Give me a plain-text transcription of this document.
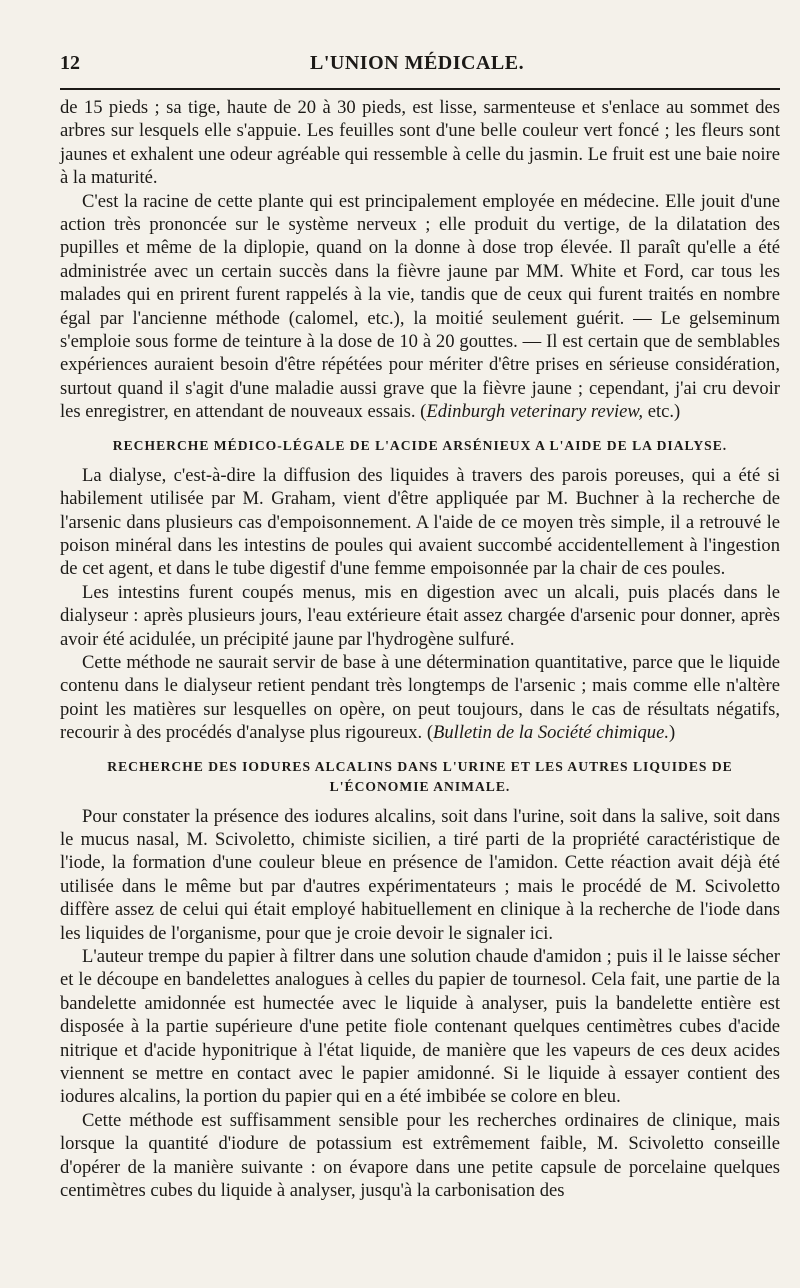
12	L'UNION MÉDICALE.

de 15 pieds ; sa tige, haute de 20 à 30 pieds, est lisse, sarmenteuse et s'enlace au sommet des arbres sur lesquels elle s'appuie. Les feuilles sont d'une belle couleur vert foncé ; les fleurs sont jaunes et exhalent une odeur agréable qui ressemble à celle du jasmin. Le fruit est une baie noire à la maturité.

C'est la racine de cette plante qui est principalement employée en médecine. Elle jouit d'une action très prononcée sur le système nerveux ; elle produit du vertige, de la dilatation des pupilles et même de la diplopie, quand on la donne à dose trop élevée. Il paraît qu'elle a été administrée avec un certain succès dans la fièvre jaune par MM. White et Ford, car tous les malades qui en prirent furent rappelés à la vie, tandis que de ceux qui furent traités en nombre égal par l'ancienne méthode (calomel, etc.), la moitié seulement guérit. — Le gelseminum s'emploie sous forme de teinture à la dose de 10 à 20 gouttes. — Il est certain que de semblables expériences auraient besoin d'être répétées pour mériter d'être prises en sérieuse considération, surtout quand il s'agit d'une maladie aussi grave que la fièvre jaune ; cependant, j'ai cru devoir les enregistrer, en attendant de nouveaux essais. (Edinburgh veterinary review, etc.)

RECHERCHE MÉDICO-LÉGALE DE L'ACIDE ARSÉNIEUX A L'AIDE DE LA DIALYSE.

La dialyse, c'est-à-dire la diffusion des liquides à travers des parois poreuses, qui a été si habilement utilisée par M. Graham, vient d'être appliquée par M. Buchner à la recherche de l'arsenic dans plusieurs cas d'empoisonnement. A l'aide de ce moyen très simple, il a retrouvé le poison minéral dans les intestins de poules qui avaient succombé accidentellement à l'ingestion de cet agent, et dans le tube digestif d'une femme empoisonnée par la chair de ces poules.

Les intestins furent coupés menus, mis en digestion avec un alcali, puis placés dans le dialyseur : après plusieurs jours, l'eau extérieure était assez chargée d'arsenic pour donner, après avoir été acidulée, un précipité jaune par l'hydrogène sulfuré.

Cette méthode ne saurait servir de base à une détermination quantitative, parce que le liquide contenu dans le dialyseur retient pendant très longtemps de l'arsenic ; mais comme elle n'altère point les matières sur lesquelles on opère, on peut toujours, dans le cas de résultats négatifs, recourir à des procédés d'analyse plus rigoureux. (Bulletin de la Société chimique.)

RECHERCHE DES IODURES ALCALINS DANS L'URINE ET LES AUTRES LIQUIDES DE L'ÉCONOMIE ANIMALE.

Pour constater la présence des iodures alcalins, soit dans l'urine, soit dans la salive, soit dans le mucus nasal, M. Scivoletto, chimiste sicilien, a tiré parti de la propriété caractéristique de l'iode, la formation d'une couleur bleue en présence de l'amidon. Cette réaction avait déjà été utilisée dans le même but par d'autres expérimentateurs ; mais le procédé de M. Scivoletto diffère assez de celui qui était employé habituellement en clinique à la recherche de l'iode dans les liquides de l'organisme, pour que je croie devoir le signaler ici.

L'auteur trempe du papier à filtrer dans une solution chaude d'amidon ; puis il le laisse sécher et le découpe en bandelettes analogues à celles du papier de tournesol. Cela fait, une partie de la bandelette amidonnée est humectée avec le liquide à analyser, puis la bandelette entière est disposée à la partie supérieure d'une petite fiole contenant quelques centimètres cubes d'acide nitrique et d'acide hyponitrique à l'état liquide, de manière que les vapeurs de ces deux acides viennent se mettre en contact avec le papier amidonné. Si le liquide à essayer contient des iodures alcalins, la portion du papier qui en a été imbibée se colore en bleu.

Cette méthode est suffisamment sensible pour les recherches ordinaires de clinique, mais lorsque la quantité d'iodure de potassium est extrêmement faible, M. Scivoletto conseille d'opérer de la manière suivante : on évapore dans une petite capsule de porcelaine quelques centimètres cubes du liquide à analyser, jusqu'à la carbonisation des
